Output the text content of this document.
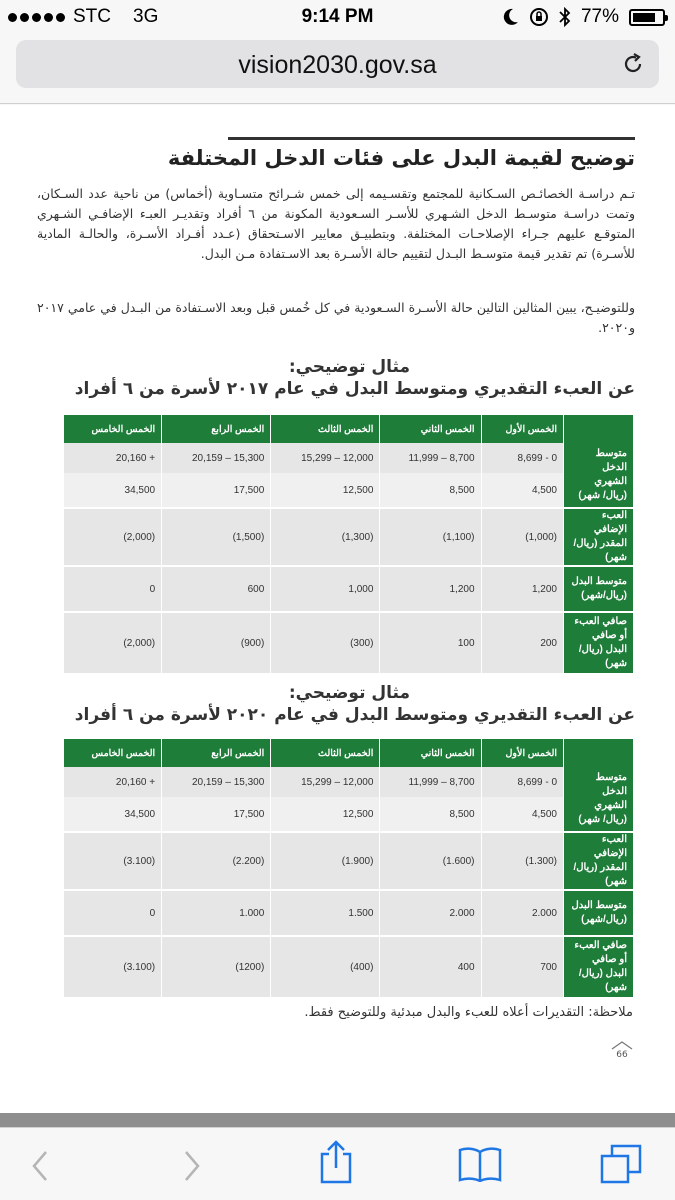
STC 3G	9:14 PM	77%
vision2030.gov.sa
توضيح لقيمة البدل على فئات الدخل المختلفة
تـم دراسـة الخصائـص السـكانية للمجتمع وتقسـيمه إلى خمس شـرائح متسـاوية (أخماس) من ناحية عدد السـكان، وتمت دراسـة متوسـط الدخل الشـهري للأسـر السـعودية المكونة من ٦ أفراد وتقديـر العبـء الإضافـي الشـهري المتوقـع عليهم جـراء الإصلاحـات المختلفة. وبتطبيـق معايير الاسـتحقاق (عـدد أفـراد الأسـرة، والحالـة المادية للأسـرة) تم تقدير قيمة متوسـط البـدل لتقييم حالة الأسـرة بعد الاسـتفادة مـن البدل.
وللتوضيـح، يبين المثالين التالين حالة الأسـرة السـعودية في كل خُمس قبل وبعد الاسـتفادة من البـدل في عامي ٢٠١٧ و٢٠٢٠.
مثال توضيحي:
عن العبء التقديري ومتوسط البدل في عام ٢٠١٧ لأسرة من ٦ أفراد
	الخمس الأول	الخمس الثاني	الخمس الثالث	الخمس الرابع	الخمس الخامس
متوسط الدخل الشهري (ريال/ شهر)	0 - 8,699	8,700 – 11,999	12,000 – 15,299	15,300 – 20,159	+ 20,160
	4,500	8,500	12,500	17,500	34,500

العبء الإضافي المقدر (ريال/شهر)	(1,000)	(1,100)	(1,300)	(1,500)	(2,000)

متوسط البدل (ريال/شهر)	1,200	1,200	1,000	600	0

صافي العبء أو صافي البدل (ريال/شهر)	200	100	(300)	(900)	(2,000)
مثال توضيحي:
عن العبء التقديري ومتوسط البدل في عام ٢٠٢٠ لأسرة من ٦ أفراد
	الخمس الأول	الخمس الثاني	الخمس الثالث	الخمس الرابع	الخمس الخامس
متوسط الدخل الشهري (ريال/ شهر)	0 - 8,699	8,700 – 11,999	12,000 – 15,299	15,300 – 20,159	+ 20,160
	4,500	8,500	12,500	17,500	34,500

العبء الإضافي المقدر (ريال/شهر)	(1.300)	(1.600)	(1.900)	(2.200)	(3.100)

متوسط البدل (ريال/شهر)	2.000	2.000	1.500	1.000	0

صافي العبء أو صافي البدل (ريال/شهر)	700	400	(400)	(1200)	(3.100)
ملاحظة: التقديرات أعلاه للعبء والبدل مبدئية وللتوضيح فقط.
66
